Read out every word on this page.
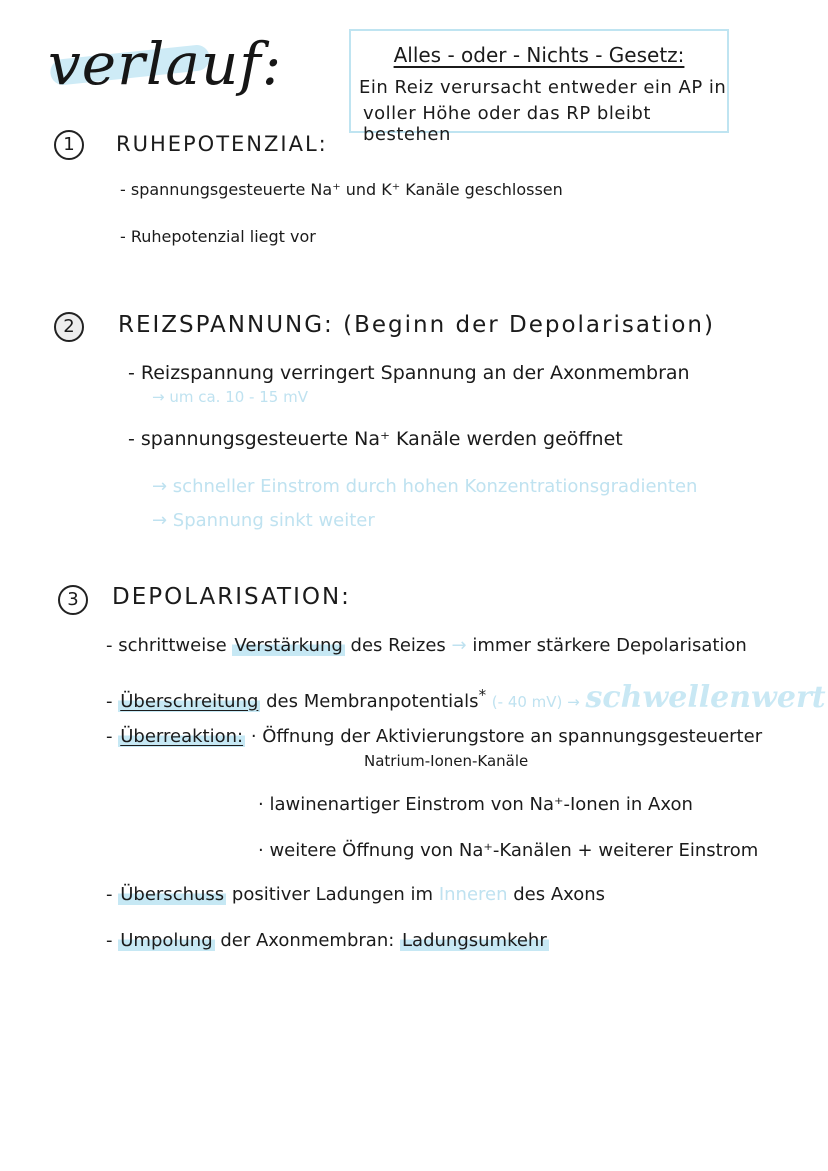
verlauf:	Alles - oder - Nichts - Gesetz:
Ein Reiz verursacht entweder ein AP in
voller Höhe oder das RP bleibt bestehen
1	RUHEPOTENZIAL:
- spannungsgesteuerte Na⁺ und K⁺ Kanäle geschlossen
- Ruhepotenzial liegt vor
2	REIZSPANNUNG: (Beginn der Depolarisation)
- Reizspannung verringert Spannung an der Axonmembran
→ um ca. 10 - 15 mV
- spannungsgesteuerte Na⁺ Kanäle werden geöffnet
→ schneller Einstrom durch hohen Konzentrationsgradienten
→ Spannung sinkt weiter
3	DEPOLARISATION:
- schrittweise Verstärkung des Reizes → immer stärkere Depolarisation
- Überschreitung des Membranpotentials* (- 40 mV) → schwellenwert
- Überreaktion: · Öffnung der Aktivierungstore an spannungsgesteuerter
Natrium-Ionen-Kanäle
· lawinenartiger Einstrom von Na⁺-Ionen in Axon
· weitere Öffnung von Na⁺-Kanälen + weiterer Einstrom
- Überschuss positiver Ladungen im Inneren des Axons
- Umpolung der Axonmembran: Ladungsumkehr
